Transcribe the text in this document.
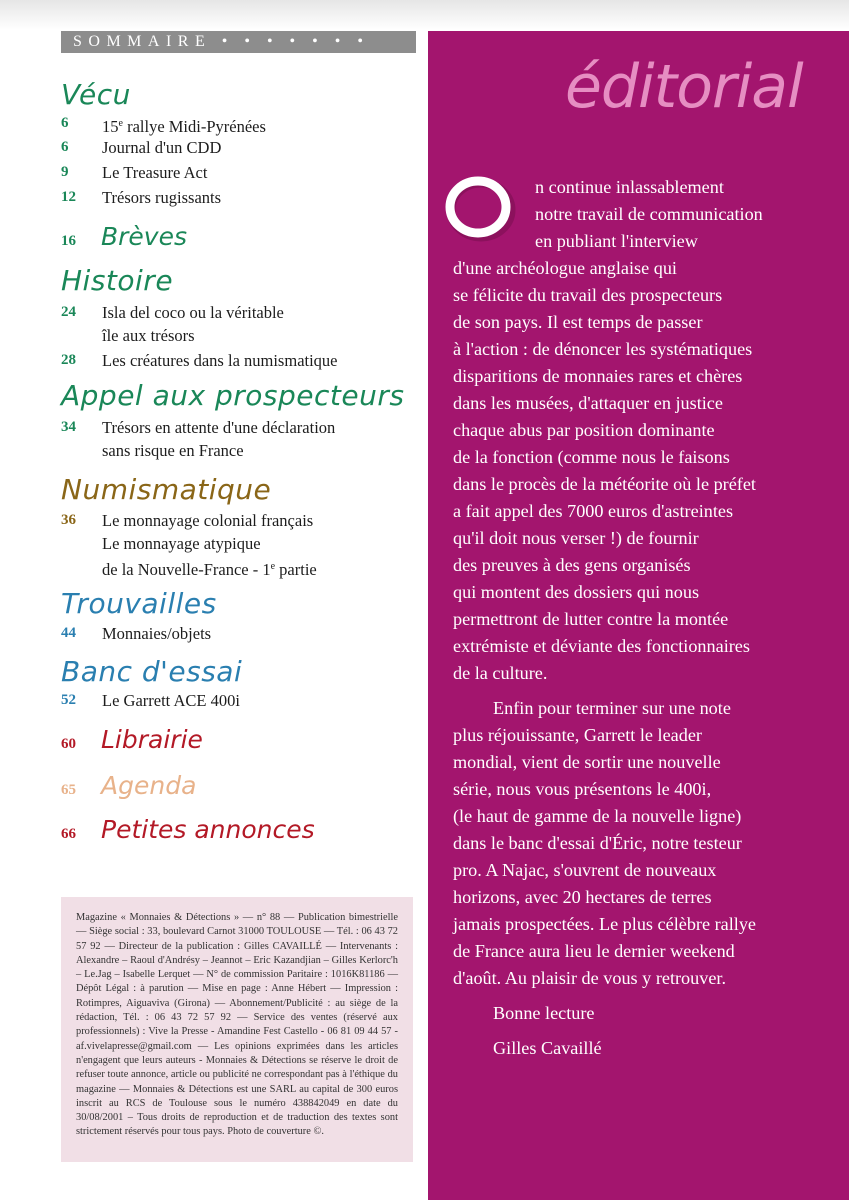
SOMMAIRE • • • • • • •
Vécu
6	15e rallye Midi-Pyrénées
6	Journal d'un CDD
9	Le Treasure Act
12	Trésors rugissants
16 Brèves
Histoire
24	Isla del coco ou la véritable
île aux trésors
28	Les créatures dans la numismatique
Appel aux prospecteurs
34	Trésors en attente d'une déclaration
sans risque en France
Numismatique
36	Le monnayage colonial français
Le monnayage atypique
de la Nouvelle-France - 1e partie
Trouvailles
44	Monnaies/objets
Banc d'essai
52	Le Garrett ACE 400i
60 Librairie
65 Agenda
66 Petites annonces
Magazine « Monnaies & Détections » — n° 88 — Publication bimestrielle — Siège social : 33, boulevard Carnot 31000 TOULOUSE — Tél. : 06 43 72 57 92 — Directeur de la publication : Gilles CAVAILLÉ — Intervenants : Alexandre – Raoul d'Andrésy – Jeannot – Eric Kazandjian – Gilles Kerlorc'h – Le.Jag – Isabelle Lerquet — N° de commission Paritaire : 1016K81186 — Dépôt Légal : à parution — Mise en page : Anne Hébert — Impression : Rotimpres, Aiguaviva (Girona) — Abonnement/Publicité : au siège de la rédaction, Tél. : 06 43 72 57 92 — Service des ventes (réservé aux professionnels) : Vive la Presse - Amandine Fest Castello - 06 81 09 44 57 - af.vivelapresse@gmail.com — Les opinions exprimées dans les articles n'engagent que leurs auteurs - Monnaies & Détections se réserve le droit de refuser toute annonce, article ou publicité ne correspondant pas à l'éthique du magazine — Monnaies & Détections est une SARL au capital de 300 euros inscrit au RCS de Toulouse sous le numéro 438842049 en date du 30/08/2001 – Tous droits de reproduction et de traduction des textes sont strictement réservés pour tous pays. Photo de couverture ©.
éditorial
n continue inlassablement
notre travail de communication
en publiant l'interview
d'une archéologue anglaise qui
se félicite du travail des prospecteurs
de son pays. Il est temps de passer
à l'action : de dénoncer les systématiques
disparitions de monnaies rares et chères
dans les musées, d'attaquer en justice
chaque abus par position dominante
de la fonction (comme nous le faisons
dans le procès de la météorite où le préfet
a fait appel des 7000 euros d'astreintes
qu'il doit nous verser !) de fournir
des preuves à des gens organisés
qui montent des dossiers qui nous
permettront de lutter contre la montée
extrémiste et déviante des fonctionnaires
de la culture.
Enfin pour terminer sur une note
plus réjouissante, Garrett le leader
mondial, vient de sortir une nouvelle
série, nous vous présentons le 400i,
(le haut de gamme de la nouvelle ligne)
dans le banc d'essai d'Éric, notre testeur
pro. A Najac, s'ouvrent de nouveaux
horizons, avec 20 hectares de terres
jamais prospectées. Le plus célèbre rallye
de France aura lieu le dernier weekend
d'août. Au plaisir de vous y retrouver.
Bonne lecture
Gilles Cavaillé
